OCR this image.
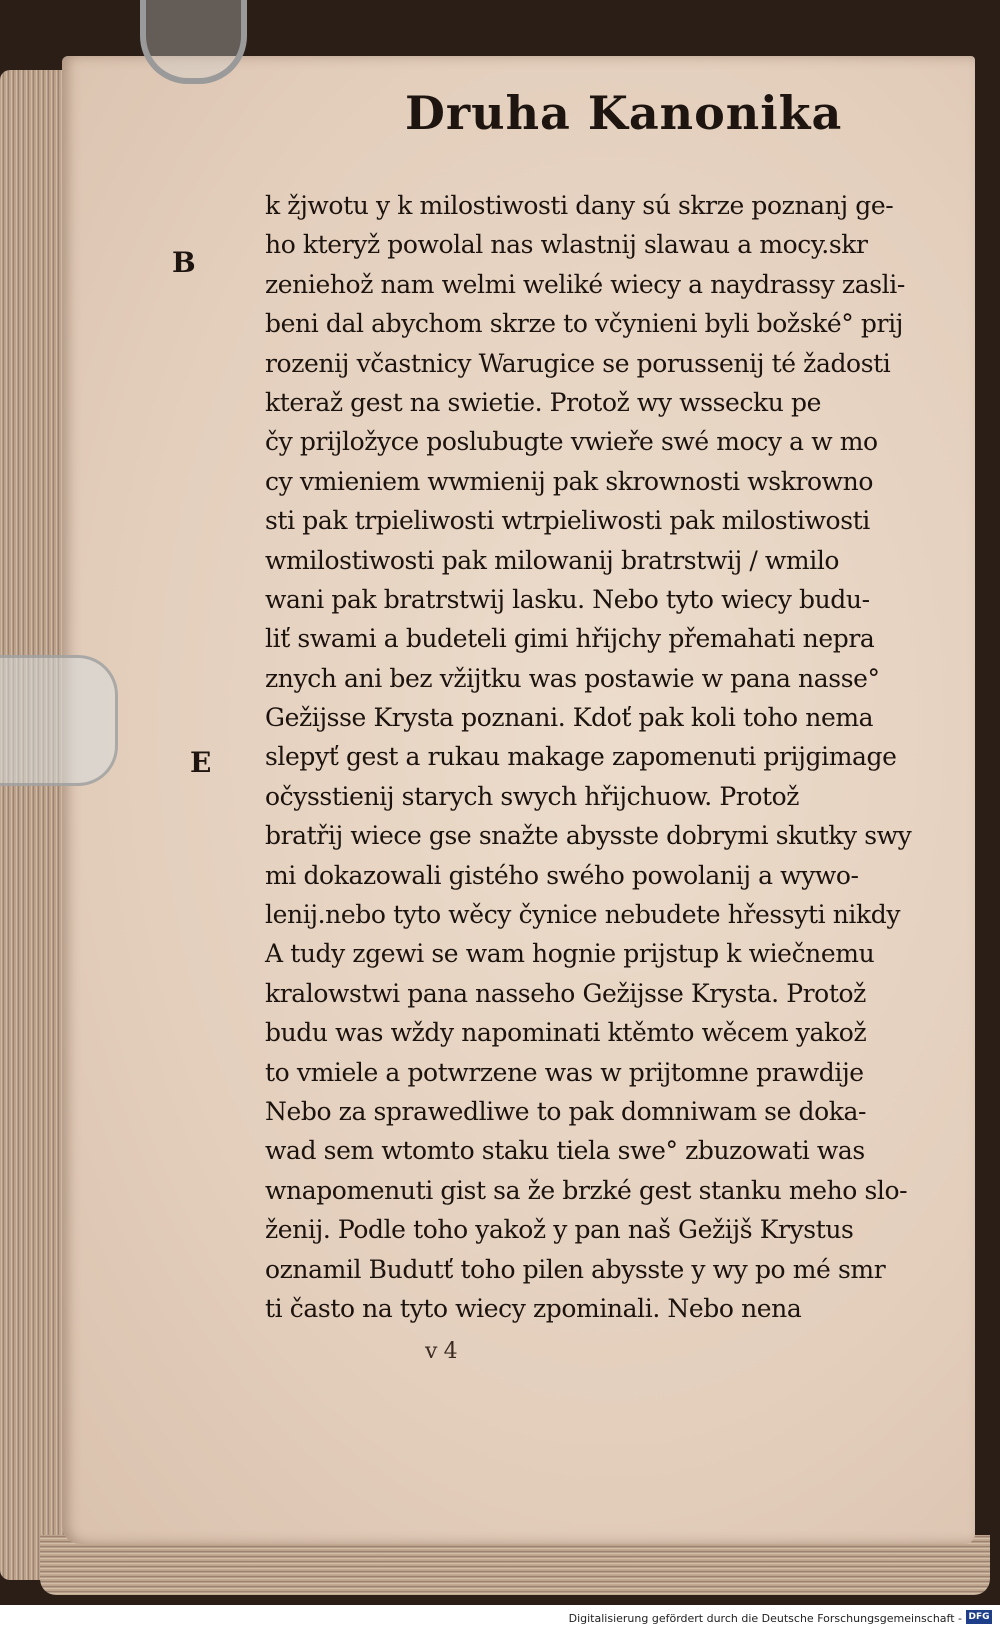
Druha Kanonika
B
E
k žjwotu y k milostiwosti dany sú skrze poznanj ge-
ho kteryž powolal nas wlastnij slawau a mocy.skr
zeniehož nam welmi weliké wiecy a naydrassy zasli-
beni dal abychom skrze to včynieni byli božské° prij
rozenij včastnicy Warugice se porussenij té žadosti
kteraž gest na swietie. Protož wy wssecku pe
čy prijložyce poslubugte vwieře swé mocy a w mo
cy vmieniem wwmienij pak skrownosti wskrowno
sti pak trpieliwosti wtrpieliwosti pak milostiwosti
wmilostiwosti pak milowanij bratrstwij / wmilo
wani pak bratrstwij lasku. Nebo tyto wiecy budu-
liť swami a budeteli gimi hřijchy přemahati nepra
znych ani bez vžijtku was postawie w pana nasse°
Gežijsse Krysta poznani. Kdoť pak koli toho nema
slepyť gest a rukau makage zapomenuti prijgimage
očysstienij starych swych hřijchuow. Protož
bratřij wiece gse snažte abysste dobrymi skutky swy
mi dokazowali gistého swého powolanij a wywo-
lenij.nebo tyto wěcy čynice nebudete hřessyti nikdy
A tudy zgewi se wam hognie prijstup k wiečnemu
kralowstwi pana nasseho Gežijsse Krysta. Protož
budu was wždy napominati ktěmto wěcem yakož
to vmiele a potwrzene was w prijtomne prawdije
Nebo za sprawedliwe to pak domniwam se doka-
wad sem wtomto staku tiela swe° zbuzowati was
wnapomenuti gist sa že brzké gest stanku meho slo-
ženij. Podle toho yakož y pan naš Gežijš Krystus
oznamil Budutť toho pilen abysste y wy po mé smr
ti často na tyto wiecy zpominali. Nebo nena
v 4
Digitalisierung gefördert durch die Deutsche Forschungsgemeinschaft - DFG
